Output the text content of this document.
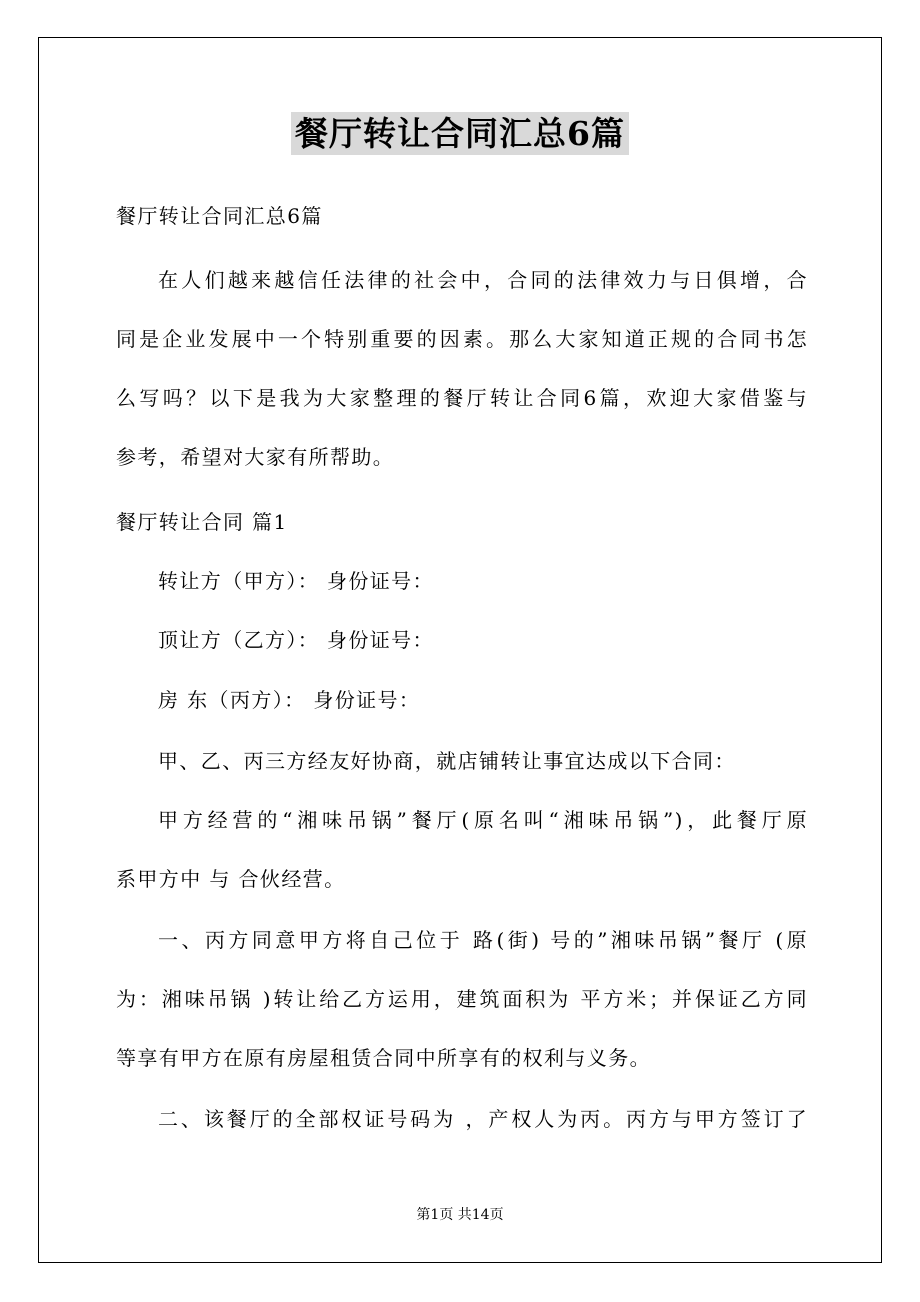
餐厅转让合同汇总6篇
餐厅转让合同汇总6篇
在人们越来越信任法律的社会中，合同的法律效力与日俱增，合
同是企业发展中一个特别重要的因素。那么大家知道正规的合同书怎
么写吗？以下是我为大家整理的餐厅转让合同6篇，欢迎大家借鉴与
参考，希望对大家有所帮助。
餐厅转让合同 篇1
转让方（甲方）： 身份证号：
顶让方（乙方）： 身份证号：
房 东（丙方）： 身份证号：
甲、乙、丙三方经友好协商，就店铺转让事宜达成以下合同：
甲方经营的“湘味吊锅”餐厅(原名叫“湘味吊锅”)，此餐厅原
系甲方中 与 合伙经营。
一、丙方同意甲方将自己位于 路(街) 号的”湘味吊锅”餐厅 (原
为：湘味吊锅 )转让给乙方运用，建筑面积为 平方米；并保证乙方同
等享有甲方在原有房屋租赁合同中所享有的权利与义务。
二、该餐厅的全部权证号码为 ，产权人为丙。丙方与甲方签订了
第1页 共14页
